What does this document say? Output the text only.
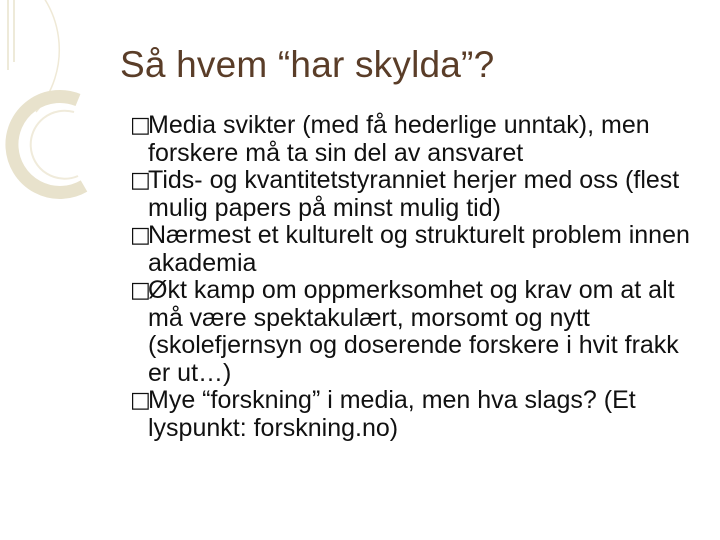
Så hvem “har skylda”?
□
Media svikter (med få hederlige unntak), men forskere må ta sin del av ansvaret
□
Tids- og kvantitetstyranniet herjer med oss (flest mulig papers på minst mulig tid)
□
Nærmest et kulturelt og strukturelt problem innen akademia
□
Økt kamp om oppmerksomhet og krav om at alt må være spektakulært, morsomt og nytt (skolefjernsyn og doserende forskere i hvit frakk er ut…)
□
Mye “forskning” i media, men hva slags? (Et lyspunkt: forskning.no)
